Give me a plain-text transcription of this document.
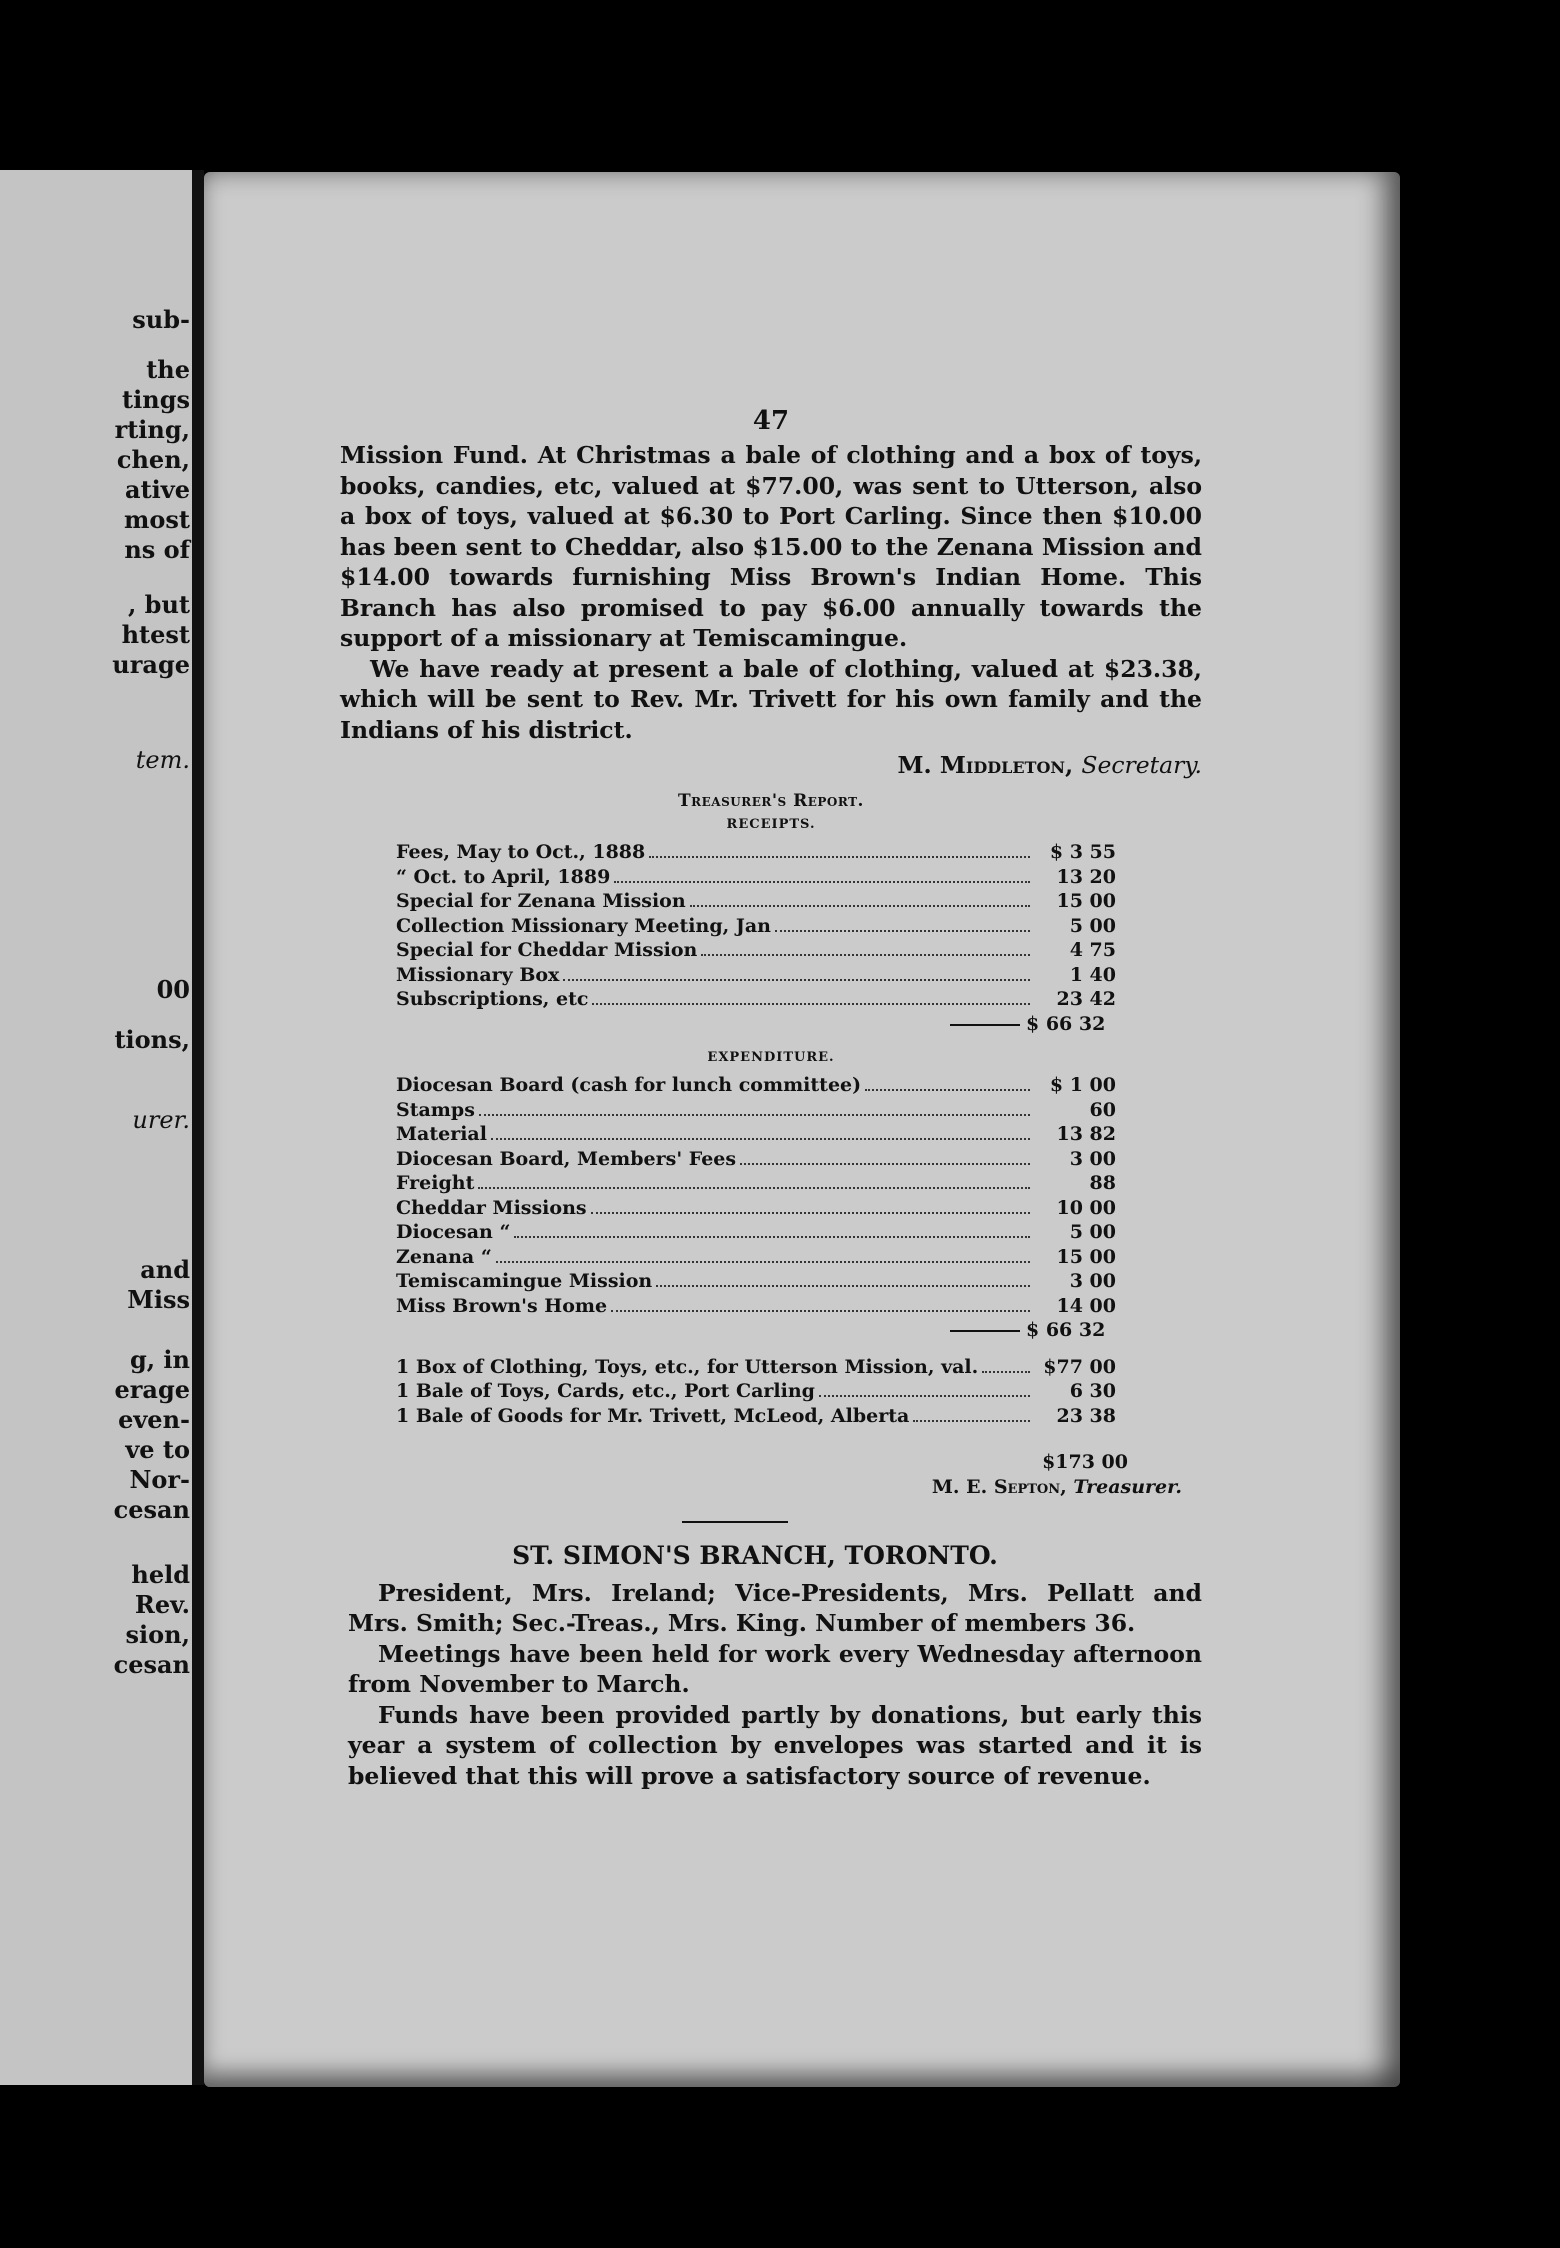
sub-
the
tings
rting,
chen,
ative
most
ns of
, but
htest
urage
tem.
00
tions,
urer.
and
Miss
g, in
erage
even-
ve to
Nor-
cesan
held
Rev.
sion,
cesan
47

Mission Fund. At Christmas a bale of clothing and a box of toys, books, candies, etc, valued at $77.00, was sent to Utterson, also a box of toys, valued at $6.30 to Port Carling. Since then $10.00 has been sent to Cheddar, also $15.00 to the Zenana Mission and $14.00 towards furnishing Miss Brown's Indian Home. This Branch has also promised to pay $6.00 annually towards the support of a missionary at Temiscamingue.

We have ready at present a bale of clothing, valued at $23.38, which will be sent to Rev. Mr. Trivett for his own family and the Indians of his district.

M. Middleton, Secretary.
Treasurer's Report.
RECEIPTS.
Fees, May to Oct., 1888	$ 3 55
“ Oct. to April, 1889	13 20
Special for Zenana Mission	15 00
Collection Missionary Meeting, Jan	5 00
Special for Cheddar Mission	4 75
Missionary Box	1 40
Subscriptions, etc	23 42
$ 66 32
EXPENDITURE.
Diocesan Board (cash for lunch committee)	$ 1 00
Stamps	60
Material	13 82
Diocesan Board, Members' Fees	3 00
Freight	88
Cheddar Missions	10 00
Diocesan “	5 00
Zenana “	15 00
Temiscamingue Mission	3 00
Miss Brown's Home	14 00
$ 66 32
1 Box of Clothing, Toys, etc., for Utterson Mission, val.	$77 00
1 Bale of Toys, Cards, etc., Port Carling	6 30
1 Bale of Goods for Mr. Trivett, McLeod, Alberta	23 38
$173 00
M. E. Septon, Treasurer.
ST. SIMON'S BRANCH, TORONTO.

President, Mrs. Ireland; Vice-Presidents, Mrs. Pellatt and Mrs. Smith; Sec.-Treas., Mrs. King. Number of members 36.

Meetings have been held for work every Wednesday afternoon from November to March.

Funds have been provided partly by donations, but early this year a system of collection by envelopes was started and it is believed that this will prove a satisfactory source of revenue.
